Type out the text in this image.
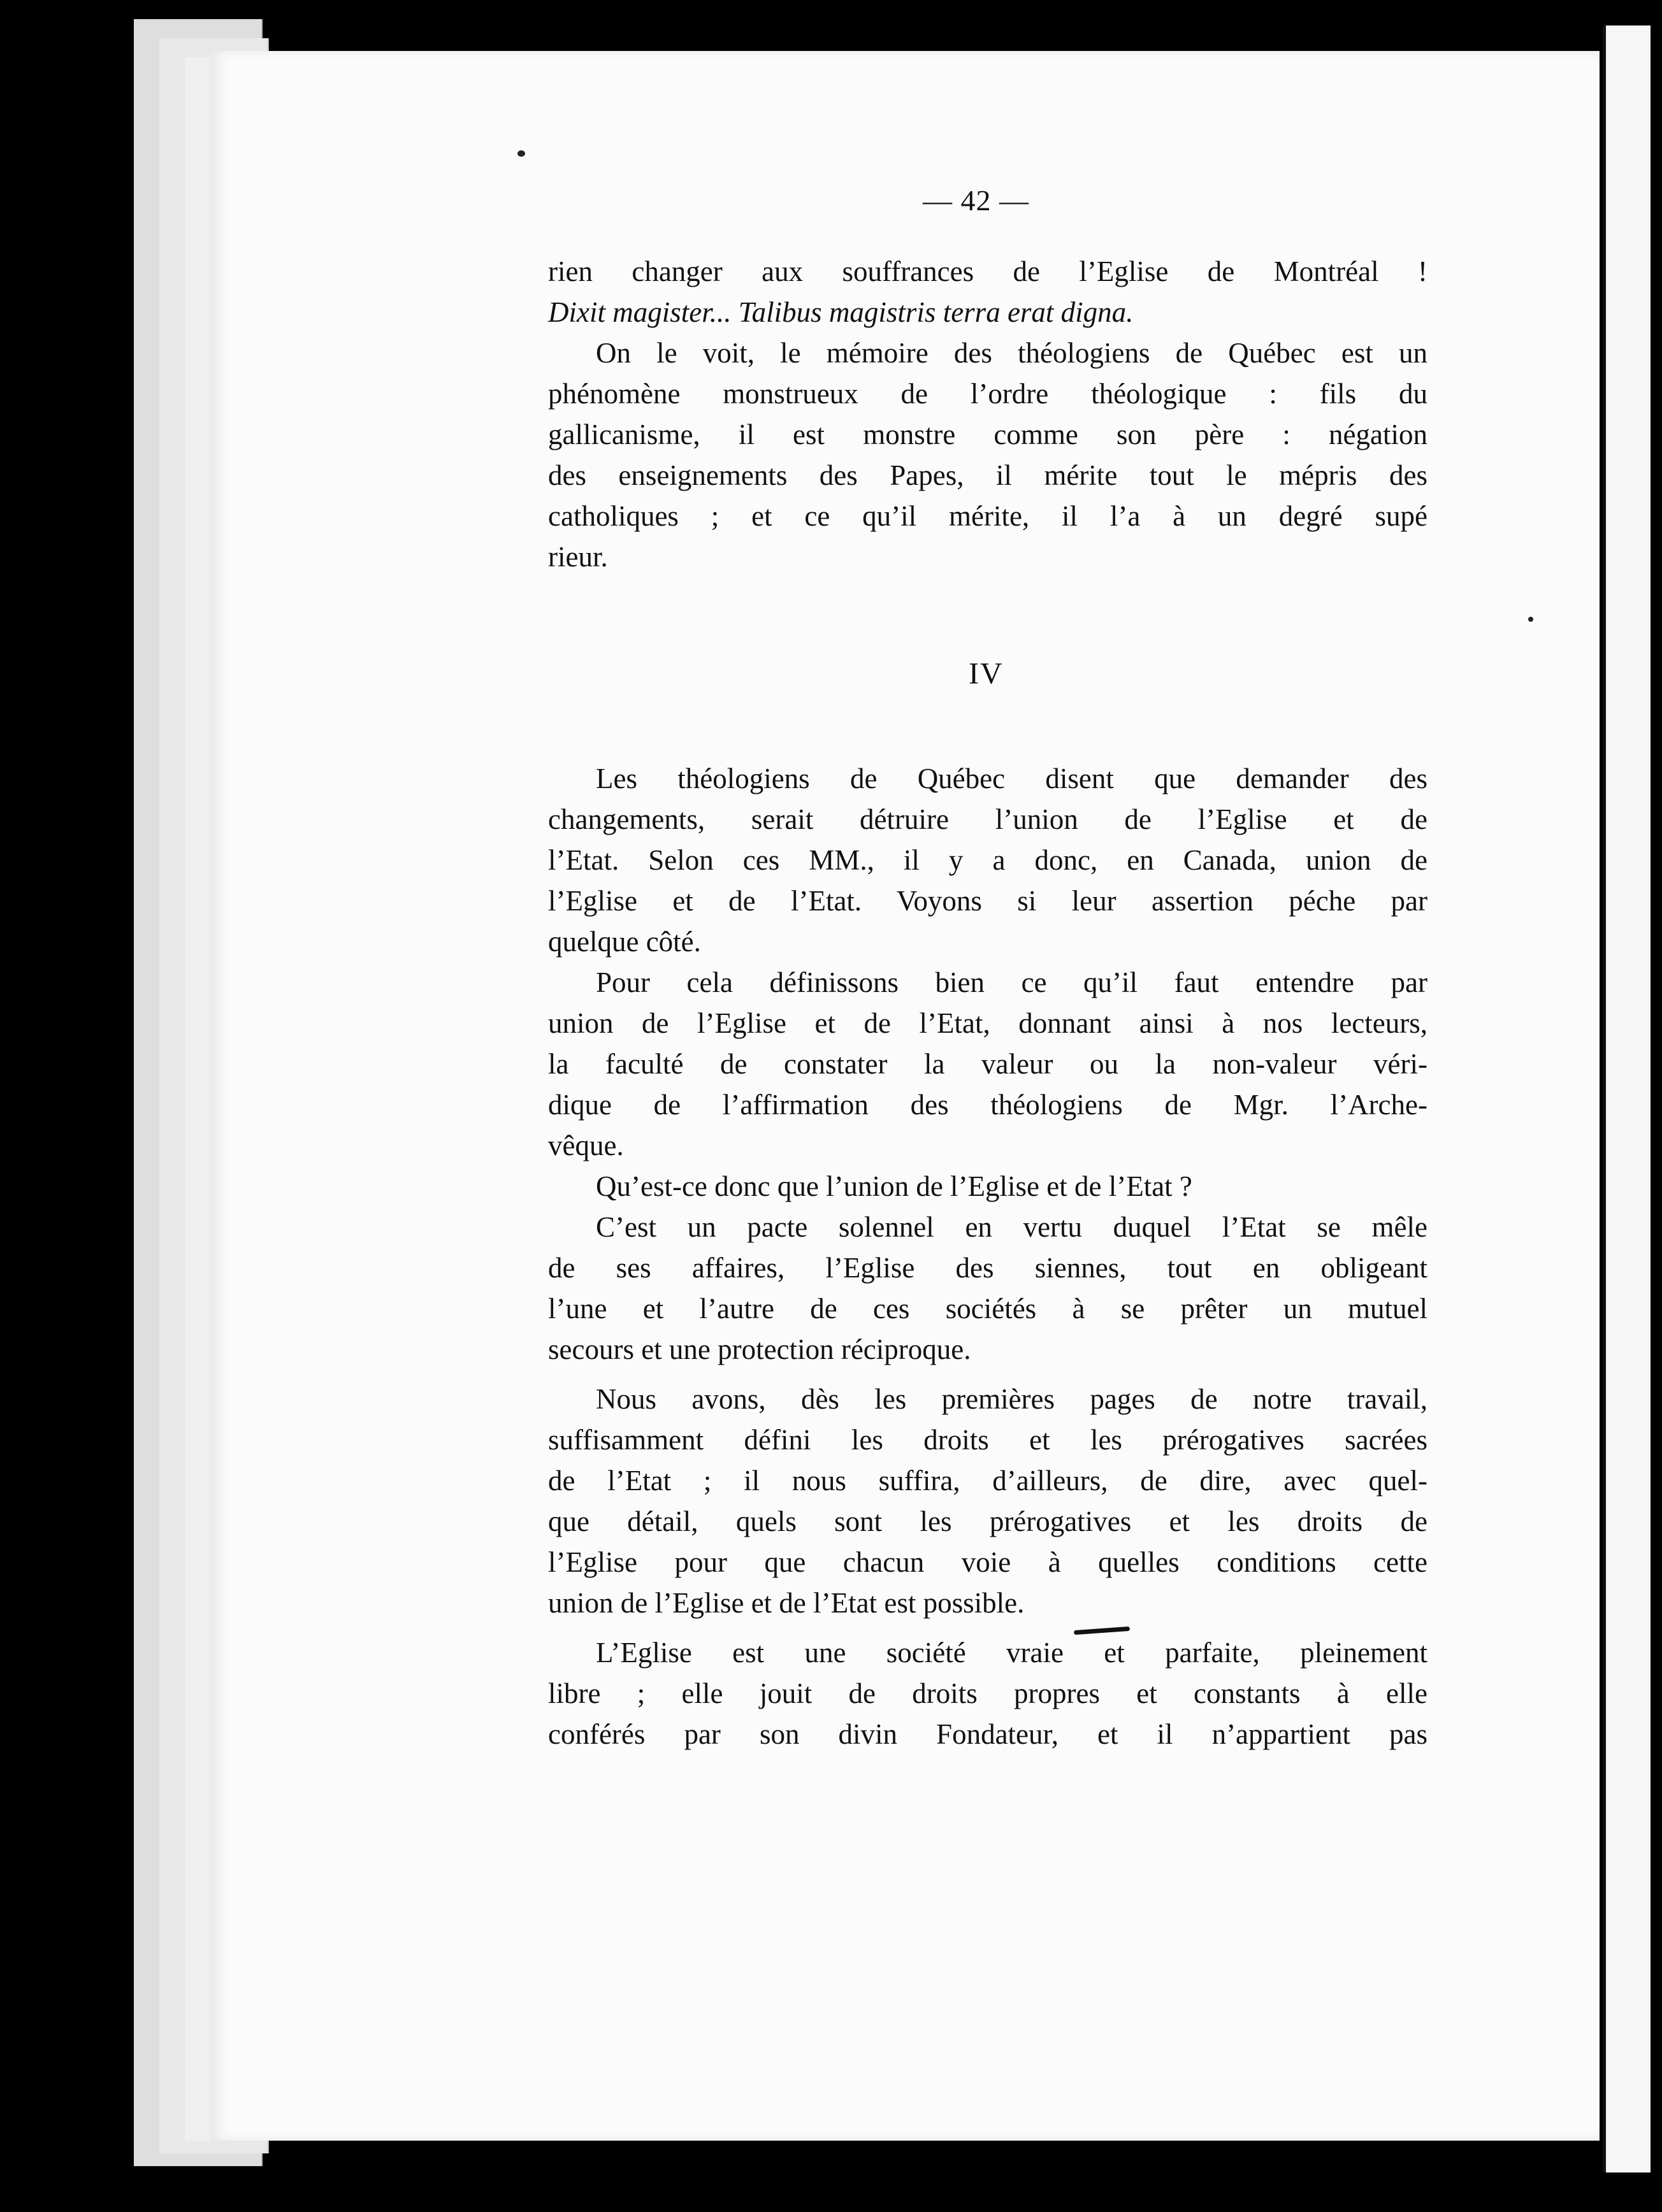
— 42 —
rien changer aux souffrances de l’Eglise de Montréal !
Dixit magister... Talibus magistris terra erat digna.
On le voit, le mémoire des théologiens de Québec est un
phénomène monstrueux de l’ordre théologique : fils du
gallicanisme, il est monstre comme son père : négation
des enseignements des Papes, il mérite tout le mépris des
catholiques ; et ce qu’il mérite, il l’a à un degré supé
rieur.
IV
Les théologiens de Québec disent que demander des
changements, serait détruire l’union de l’Eglise et de
l’Etat. Selon ces MM., il y a donc, en Canada, union de
l’Eglise et de l’Etat. Voyons si leur assertion péche par
quelque côté.
Pour cela définissons bien ce qu’il faut entendre par
union de l’Eglise et de l’Etat, donnant ainsi à nos lecteurs,
la faculté de constater la valeur ou la non-valeur véri-
dique de l’affirmation des théologiens de Mgr. l’Arche-
vêque.
Qu’est-ce donc que l’union de l’Eglise et de l’Etat ?
C’est un pacte solennel en vertu duquel l’Etat se mêle
de ses affaires, l’Eglise des siennes, tout en obligeant
l’une et l’autre de ces sociétés à se prêter un mutuel
secours et une protection réciproque.
Nous avons, dès les premières pages de notre travail,
suffisamment défini les droits et les prérogatives sacrées
de l’Etat ; il nous suffira, d’ailleurs, de dire, avec quel-
que détail, quels sont les prérogatives et les droits de
l’Eglise pour que chacun voie à quelles conditions cette
union de l’Eglise et de l’Etat est possible.
L’Eglise est une société vraie et parfaite, pleinement
libre ; elle jouit de droits propres et constants à elle
conférés par son divin Fondateur, et il n’appartient pas
